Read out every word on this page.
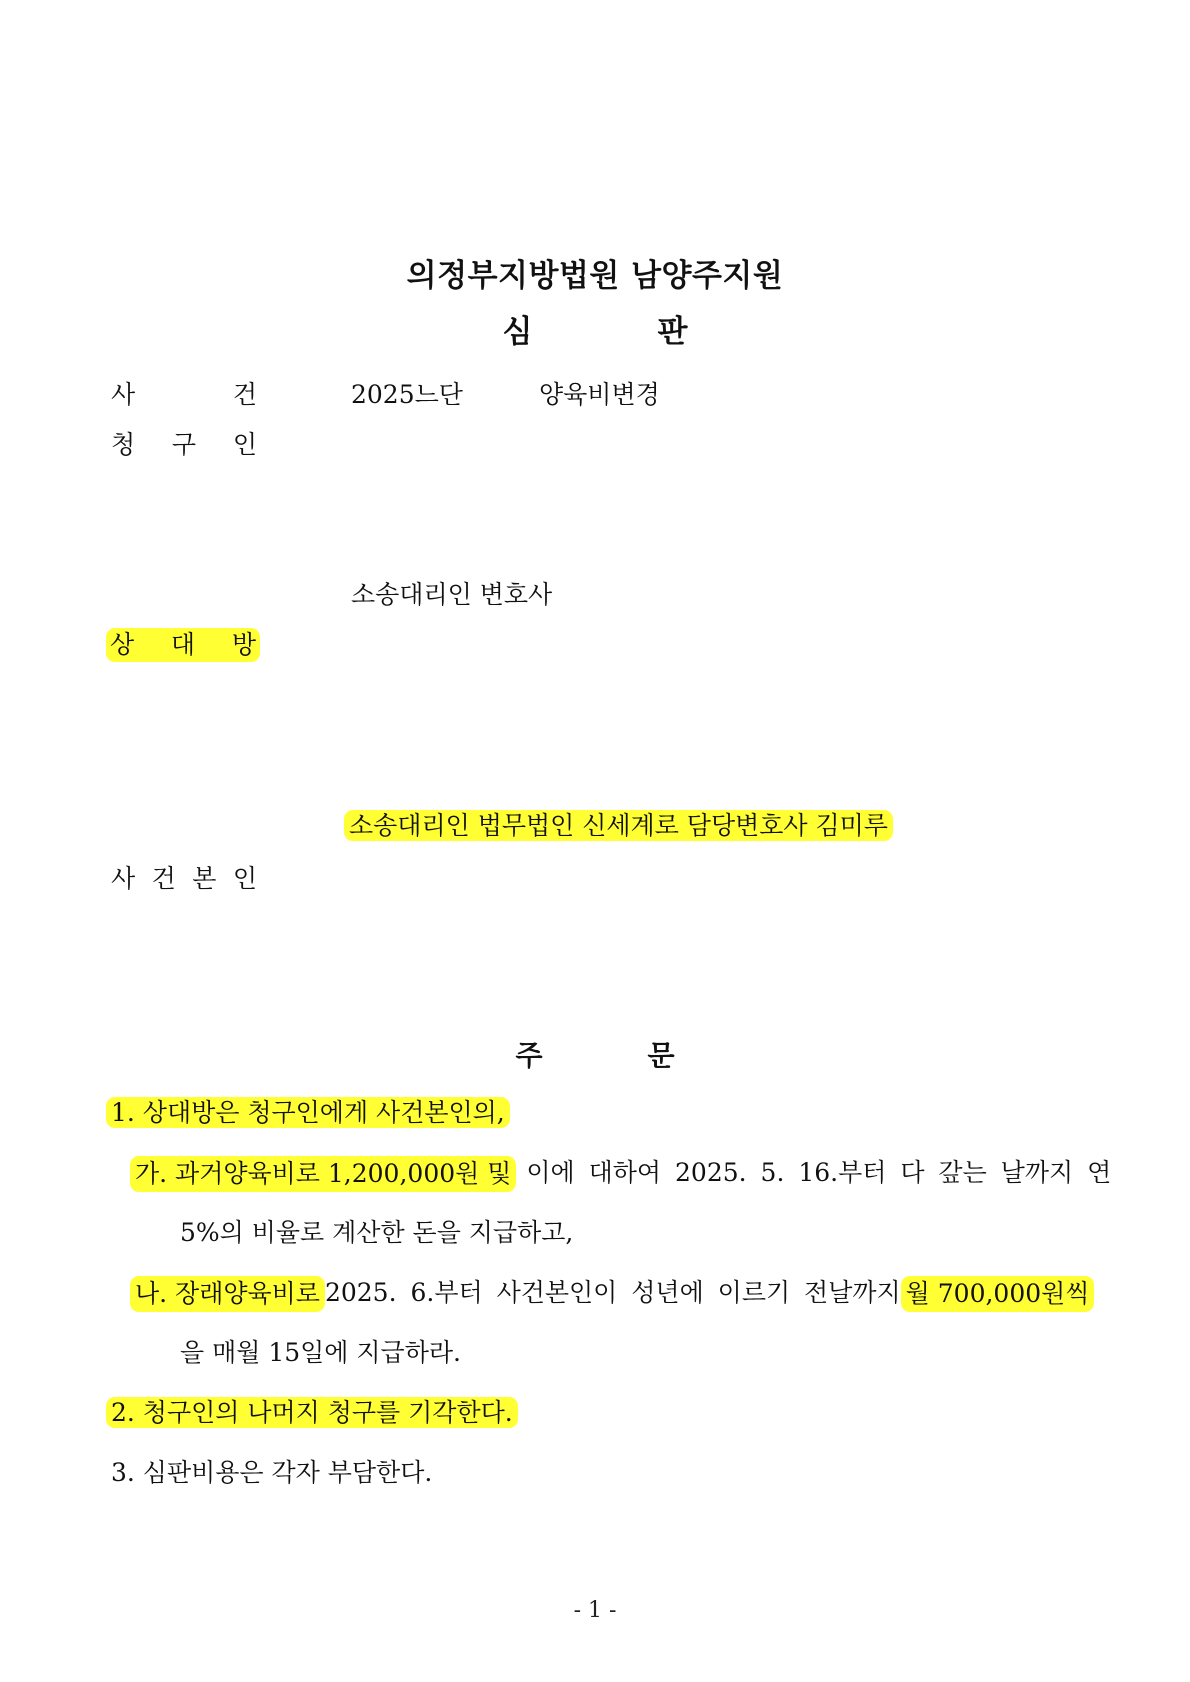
의정부지방법원 남양주지원
심	판
사	건	2025느단	양육비변경
청 구 인
소송대리인 변호사
상 대 방
소송대리인 법무법인 신세계로 담당변호사 김미루
사 건 본 인
주	문
1. 상대방은 청구인에게 사건본인의,
가. 과거양육비로 1,200,000원 및 이에 대하여 2025. 5. 16.부터 다 갚는 날까지 연
5%의 비율로 계산한 돈을 지급하고,
나. 장래양육비로 2025. 6.부터 사건본인이 성년에 이르기 전날까지 월 700,000원씩
을 매월 15일에 지급하라.
2. 청구인의 나머지 청구를 기각한다.
3. 심판비용은 각자 부담한다.
- 1 -
